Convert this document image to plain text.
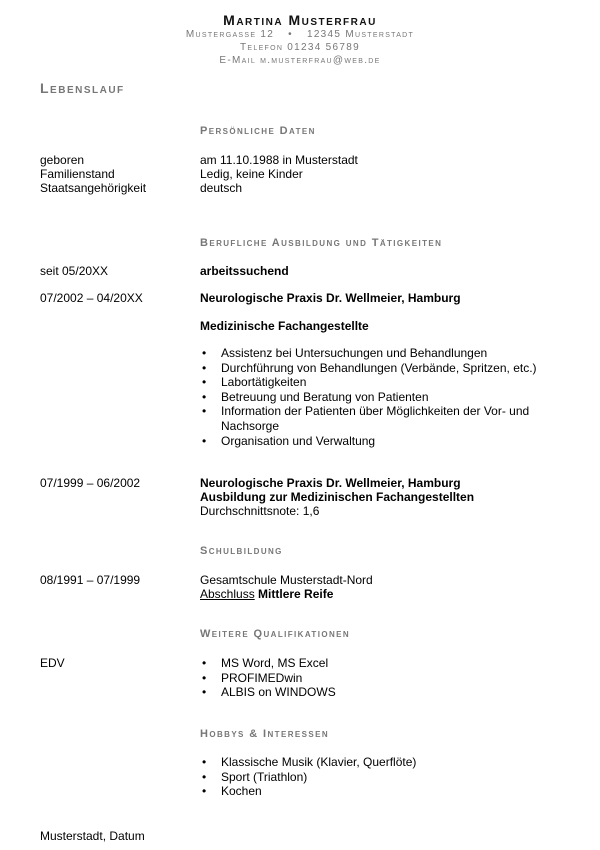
Martina Musterfrau
Mustergasse 12 • 12345 Musterstadt
Telefon 01234 56789
E-Mail m.musterfrau@web.de
Lebenslauf
Persönliche Daten
geboren	am 11.10.1988 in Musterstadt
Familienstand	Ledig, keine Kinder
Staatsangehörigkeit	deutsch
Berufliche Ausbildung und Tätigkeiten
seit 05/20XX	arbeitssuchend
07/2002 – 04/20XX	Neurologische Praxis Dr. Wellmeier, Hamburg
Medizinische Fachangestellte
• Assistenz bei Untersuchungen und Behandlungen
• Durchführung von Behandlungen (Verbände, Spritzen, etc.)
• Labortätigkeiten
• Betreuung und Beratung von Patienten
• Information der Patienten über Möglichkeiten der Vor- und Nachsorge
• Organisation und Verwaltung
07/1999 – 06/2002	Neurologische Praxis Dr. Wellmeier, Hamburg
Ausbildung zur Medizinischen Fachangestellten
Durchschnittsnote: 1,6
Schulbildung
08/1991 – 07/1999	Gesamtschule Musterstadt-Nord
Abschluss Mittlere Reife
Weitere Qualifikationen
EDV
•	MS Word, MS Excel
• PROFIMEDwin
• ALBIS on WINDOWS
Hobbys & Interessen
• Klassische Musik (Klavier, Querflöte)
• Sport (Triathlon)
• Kochen
Musterstadt, Datum
